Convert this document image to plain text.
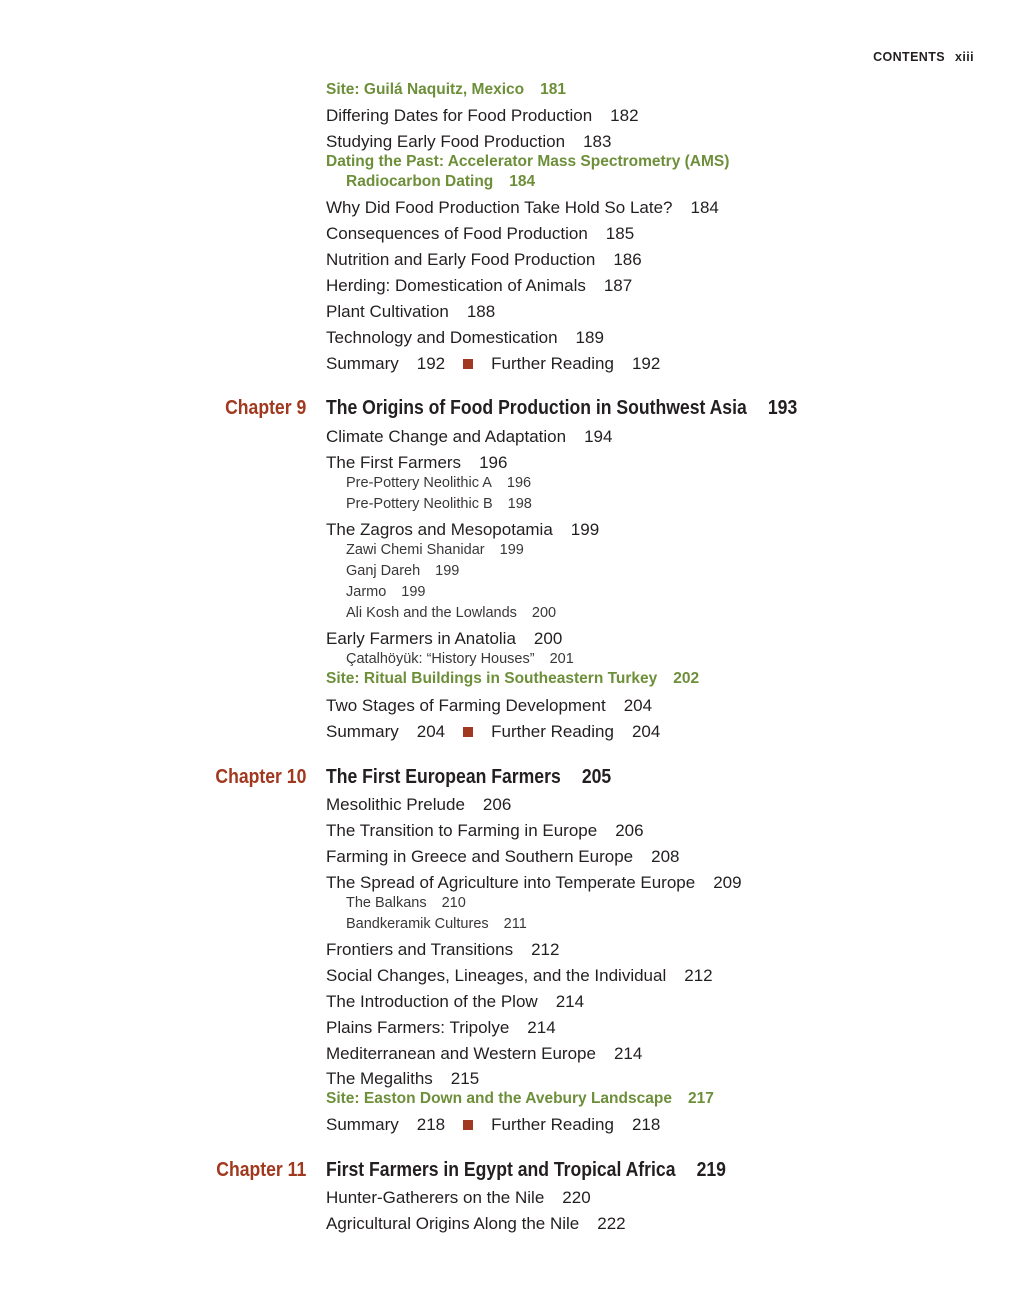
CONTENTS xiii
Site: Guilá Naquitz, Mexico 181
Differing Dates for Food Production 182
Studying Early Food Production 183
Dating the Past: Accelerator Mass Spectrometry (AMS)
Radiocarbon Dating 184
Why Did Food Production Take Hold So Late? 184
Consequences of Food Production 185
Nutrition and Early Food Production 186
Herding: Domestication of Animals 187
Plant Cultivation 188
Technology and Domestication 189
Summary 192	Further Reading 192
Chapter 9 The Origins of Food Production in Southwest Asia 193
Climate Change and Adaptation 194
The First Farmers 196
Pre-Pottery Neolithic A 196
Pre-Pottery Neolithic B 198
The Zagros and Mesopotamia 199
Zawi Chemi Shanidar 199
Ganj Dareh 199
Jarmo 199
Ali Kosh and the Lowlands 200
Early Farmers in Anatolia 200
Çatalhöyük: “History Houses” 201
Site: Ritual Buildings in Southeastern Turkey 202
Two Stages of Farming Development 204
Summary 204	Further Reading 204
Chapter 10 The First European Farmers 205
Mesolithic Prelude 206
The Transition to Farming in Europe 206
Farming in Greece and Southern Europe 208
The Spread of Agriculture into Temperate Europe 209
The Balkans 210
Bandkeramik Cultures 211
Frontiers and Transitions 212
Social Changes, Lineages, and the Individual 212
The Introduction of the Plow 214
Plains Farmers: Tripolye 214
Mediterranean and Western Europe 214
The Megaliths 215
Site: Easton Down and the Avebury Landscape 217
Summary 218	Further Reading 218
Chapter 11 First Farmers in Egypt and Tropical Africa 219
Hunter-Gatherers on the Nile 220
Agricultural Origins Along the Nile 222
